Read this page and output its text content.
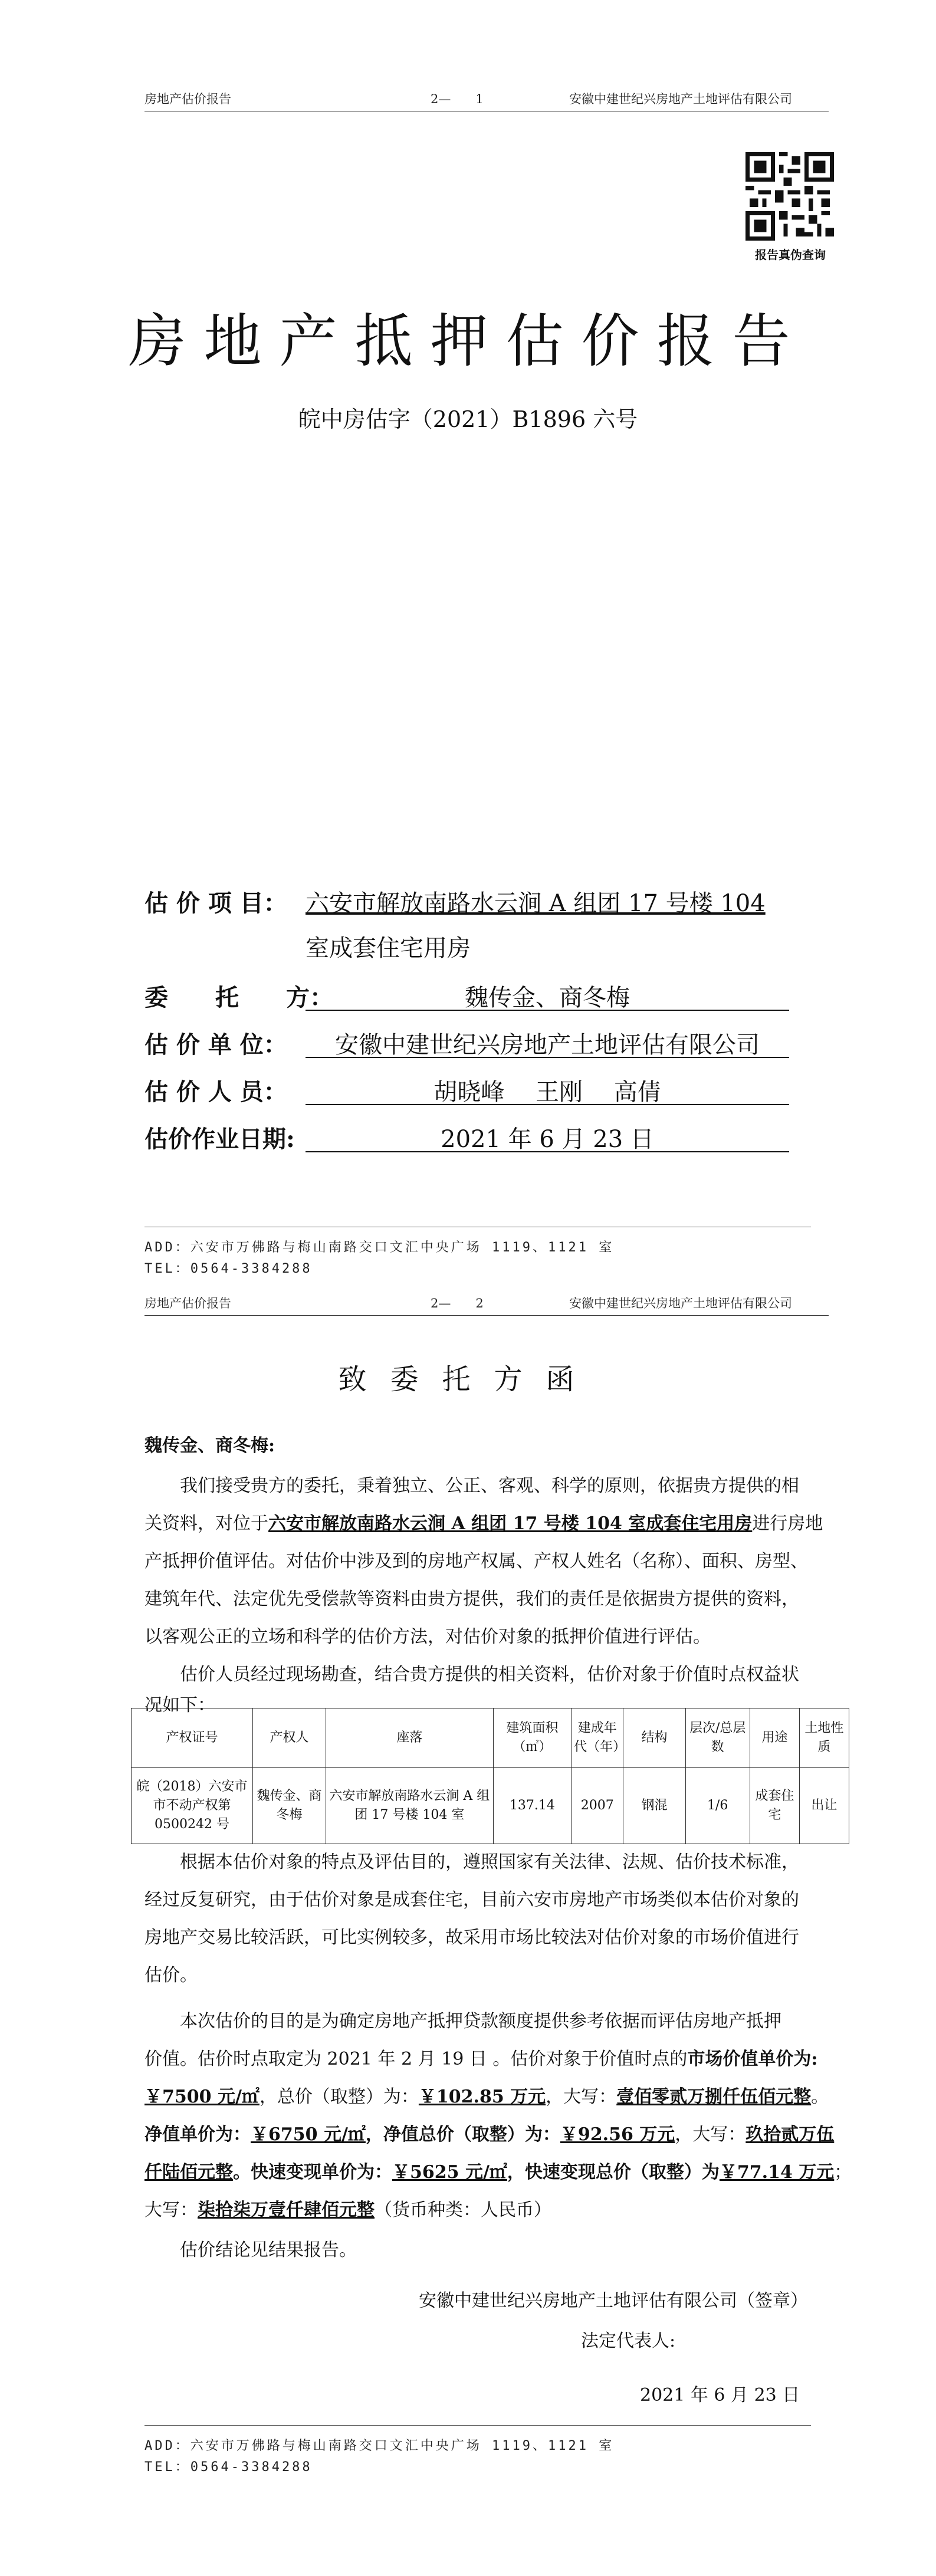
房地产估价报告	2—　　1	安徽中建世纪兴房地产土地评估有限公司
报告真伪查询
房地产抵押估价报告
皖中房估字（2021）B1896 六号
估 价 项 目： 六安市解放南路水云涧 A 组团 17 号楼 104
室成套住宅用房
委　　托　　方：	魏传金、商冬梅
估 价 单 位：	安徽中建世纪兴房地产土地评估有限公司
估 价 人 员：	胡晓峰　 王刚　 高倩
估价作业日期:	2021 年 6 月 23 日
ADD：六安市万佛路与梅山南路交口文汇中央广场 1119、1121 室
TEL：0564-3384288
房地产估价报告	2—　　2	安徽中建世纪兴房地产土地评估有限公司
致委托方函
魏传金、商冬梅:
我们接受贵方的委托，秉着独立、公正、客观、科学的原则，依据贵方提供的相
关资料，对位于六安市解放南路水云涧 A 组团 17 号楼 104 室成套住宅用房进行房地
产抵押价值评估。对估价中涉及到的房地产权属、产权人姓名（名称）、面积、房型、
建筑年代、法定优先受偿款等资料由贵方提供，我们的责任是依据贵方提供的资料，
以客观公正的立场和科学的估价方法，对估价对象的抵押价值进行评估。
估价人员经过现场勘查，结合贵方提供的相关资料，估价对象于价值时点权益状
况如下：
产权证号	产权人	座落	建筑面积（㎡）	建成年代（年）	结构	层次/总层数	用途	土地性质
皖（2018）六安市市不动产权第 0500242 号	魏传金、商冬梅	六安市解放南路水云涧 A 组团 17 号楼 104 室	137.14	2007	钢混	1/6	成套住宅	出让
根据本估价对象的特点及评估目的，遵照国家有关法律、法规、估价技术标准，
经过反复研究，由于估价对象是成套住宅，目前六安市房地产市场类似本估价对象的
房地产交易比较活跃，可比实例较多，故采用市场比较法对估价对象的市场价值进行
估价。
本次估价的目的是为确定房地产抵押贷款额度提供参考依据而评估房地产抵押
价值。估价时点取定为 2021 年 2 月 19 日 。估价对象于价值时点的市场价值单价为:
￥7500 元/㎡，总价（取整）为：￥102.85 万元，大写：壹佰零贰万捌仟伍佰元整。
净值单价为：￥6750 元/㎡，净值总价（取整）为：￥92.56 万元，大写：玖拾贰万伍
仟陆佰元整。快速变现单价为：￥5625 元/㎡，快速变现总价（取整）为￥77.14 万元；
大写：柒拾柒万壹仟肆佰元整（货币种类：人民币）
估价结论见结果报告。
安徽中建世纪兴房地产土地评估有限公司（签章）
法定代表人:
2021 年 6 月 23 日
ADD：六安市万佛路与梅山南路交口文汇中央广场 1119、1121 室
TEL：0564-3384288
